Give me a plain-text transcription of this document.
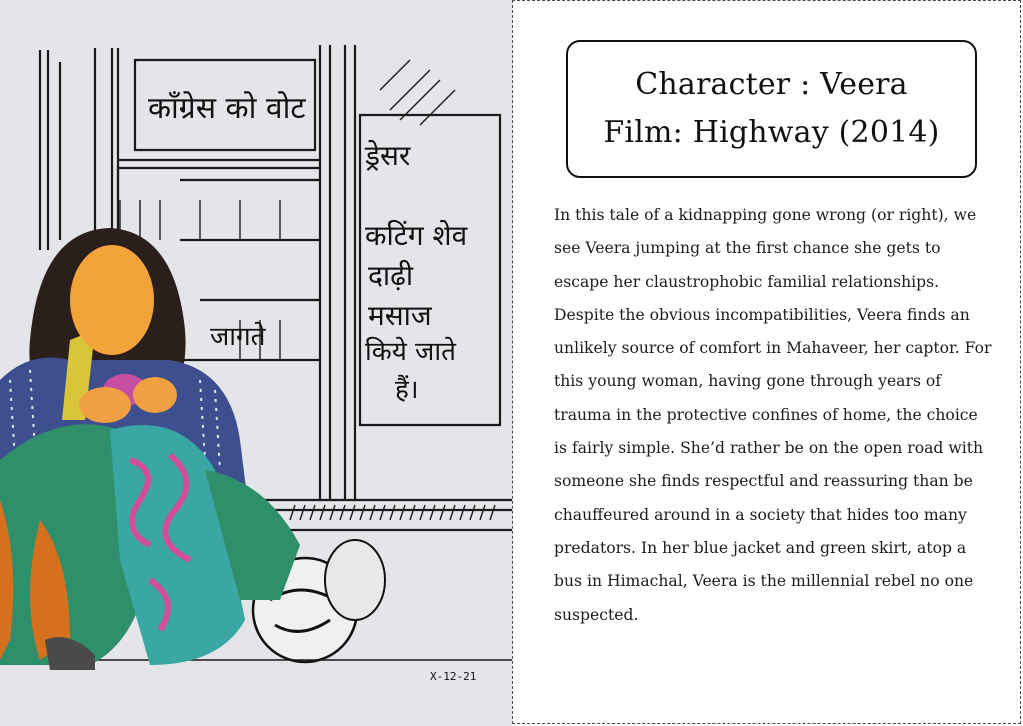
काँग्रेस को वोट
ड्रेसर
कटिंग शेव
दाढ़ी
मसाज
किये जाते
हैं।
जागते
X-12-21
Character : Veera
Film: Highway (2014)

In this tale of a kidnapping gone wrong (or right), we see Veera jumping at the first chance she gets to escape her claustrophobic familial relationships. Despite the obvious incompatibilities, Veera finds an unlikely source of comfort in Mahaveer, her captor. For this young woman, having gone through years of trauma in the protective confines of home, the choice is fairly simple. She’d rather be on the open road with someone she finds respectful and reassuring than be chauffeured around in a society that hides too many predators. In her blue jacket and green skirt, atop a bus in Himachal, Veera is the millennial rebel no one suspected.
